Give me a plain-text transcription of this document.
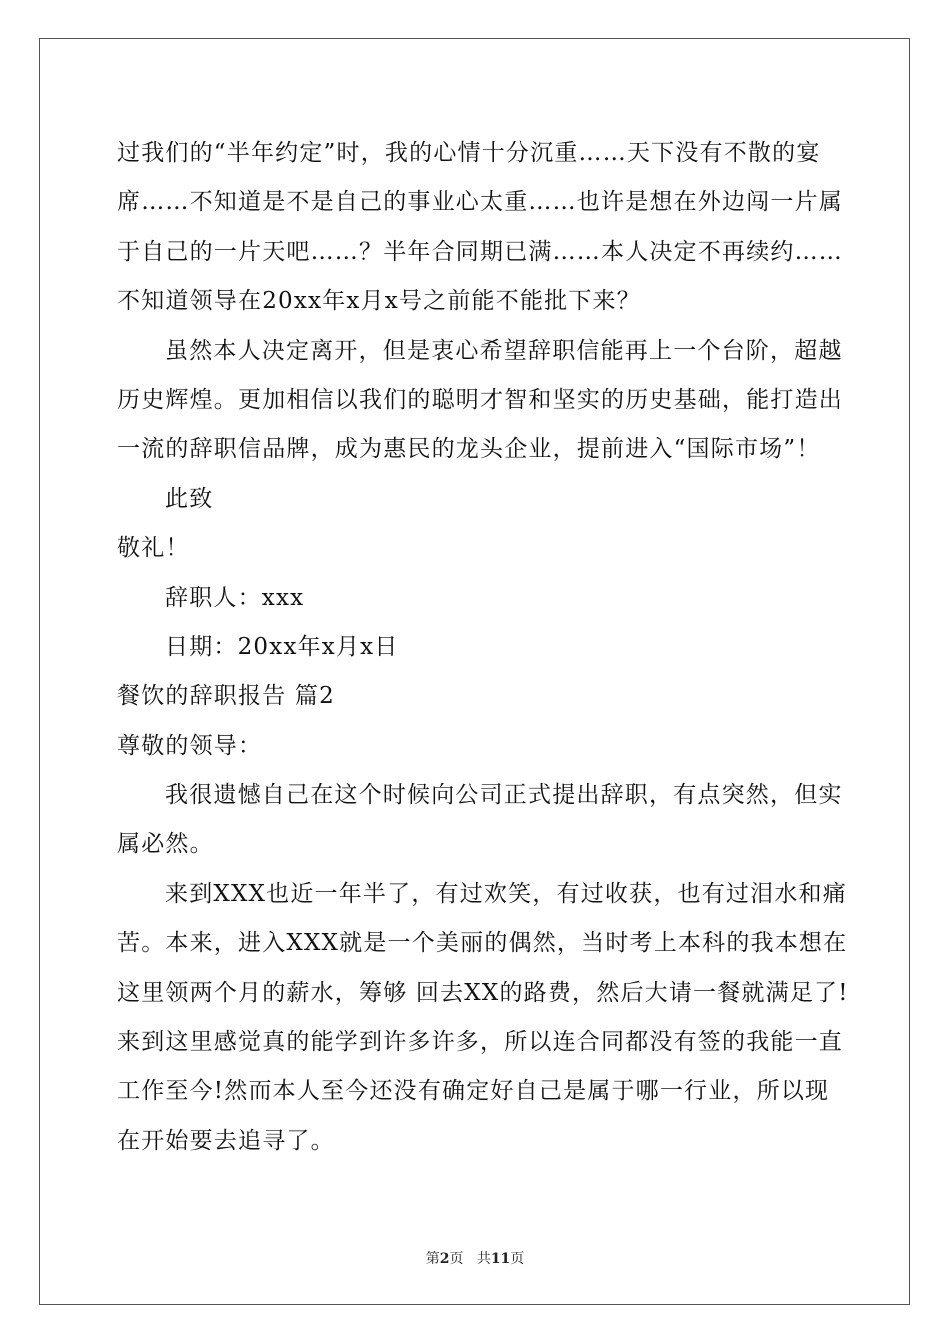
过我们的“半年约定”时，我的心情十分沉重……天下没有不散的宴
席……不知道是不是自己的事业心太重……也许是想在外边闯一片属
于自己的一片天吧……？半年合同期已满……本人决定不再续约……
不知道领导在20xx年x月x号之前能不能批下来？
虽然本人决定离开，但是衷心希望辞职信能再上一个台阶，超越
历史辉煌。更加相信以我们的聪明才智和坚实的历史基础，能打造出
一流的辞职信品牌，成为惠民的龙头企业，提前进入“国际市场”！
此致
敬礼！
辞职人：xxx
日期：20xx年x月x日
餐饮的辞职报告 篇2
尊敬的领导：
我很遗憾自己在这个时候向公司正式提出辞职，有点突然，但实
属必然。
来到XXX也近一年半了，有过欢笑，有过收获，也有过泪水和痛
苦。本来，进入XXX就是一个美丽的偶然，当时考上本科的我本想在
这里领两个月的薪水，筹够 回去XX的路费，然后大请一餐就满足了!
来到这里感觉真的能学到许多许多，所以连合同都没有签的我能一直
工作至今!然而本人至今还没有确定好自己是属于哪一行业，所以现
在开始要去追寻了。
第2页 共11页
